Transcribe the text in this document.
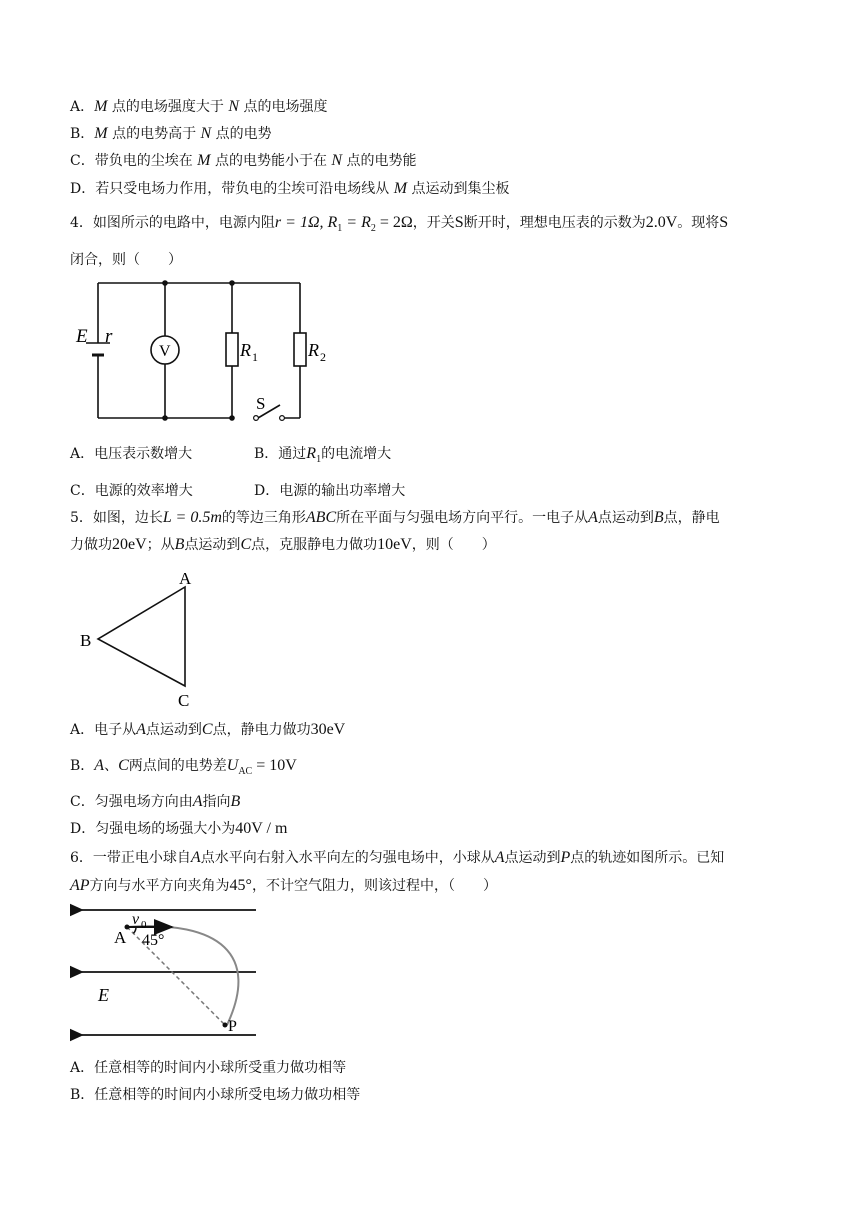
A．M 点的电场强度大于 N 点的电场强度
B．M 点的电势高于 N 点的电势
C．带负电的尘埃在 M 点的电势能小于在 N 点的电势能
D．若只受电场力作用，带负电的尘埃可沿电场线从 M 点运动到集尘板
4．如图所示的电路中，电源内阻r = 1Ω, $R_1 = R_2 = 2\Omega$，开关S断开时，理想电压表的示数为2.0V。现将S
闭合，则（　　）
E r
V	R 1	R 2
S
A．电压表示数增大	B．通过$R_1$的电流增大
C．电源的效率增大	D．电源的输出功率增大
5．如图，边长L = 0.5m的等边三角形ABC所在平面与匀强电场方向平行。一电子从A点运动到B点，静电
力做功20eV；从B点运动到C点，克服静电力做功10eV，则（　　）
A
B
C
A．电子从A点运动到C点，静电力做功30eV
B．A、C两点间的电势差$U_{AC} = 10V$
C．匀强电场方向由A指向B
D．匀强电场的场强大小为40V / m
6．一带正电小球自A点水平向右射入水平向左的匀强电场中，小球从A点运动到P点的轨迹如图所示。已知
AP方向与水平方向夹角为45°，不计空气阻力，则该过程中，（　　）
v 0
A 45°
E
P
A．任意相等的时间内小球所受重力做功相等
B．任意相等的时间内小球所受电场力做功相等
